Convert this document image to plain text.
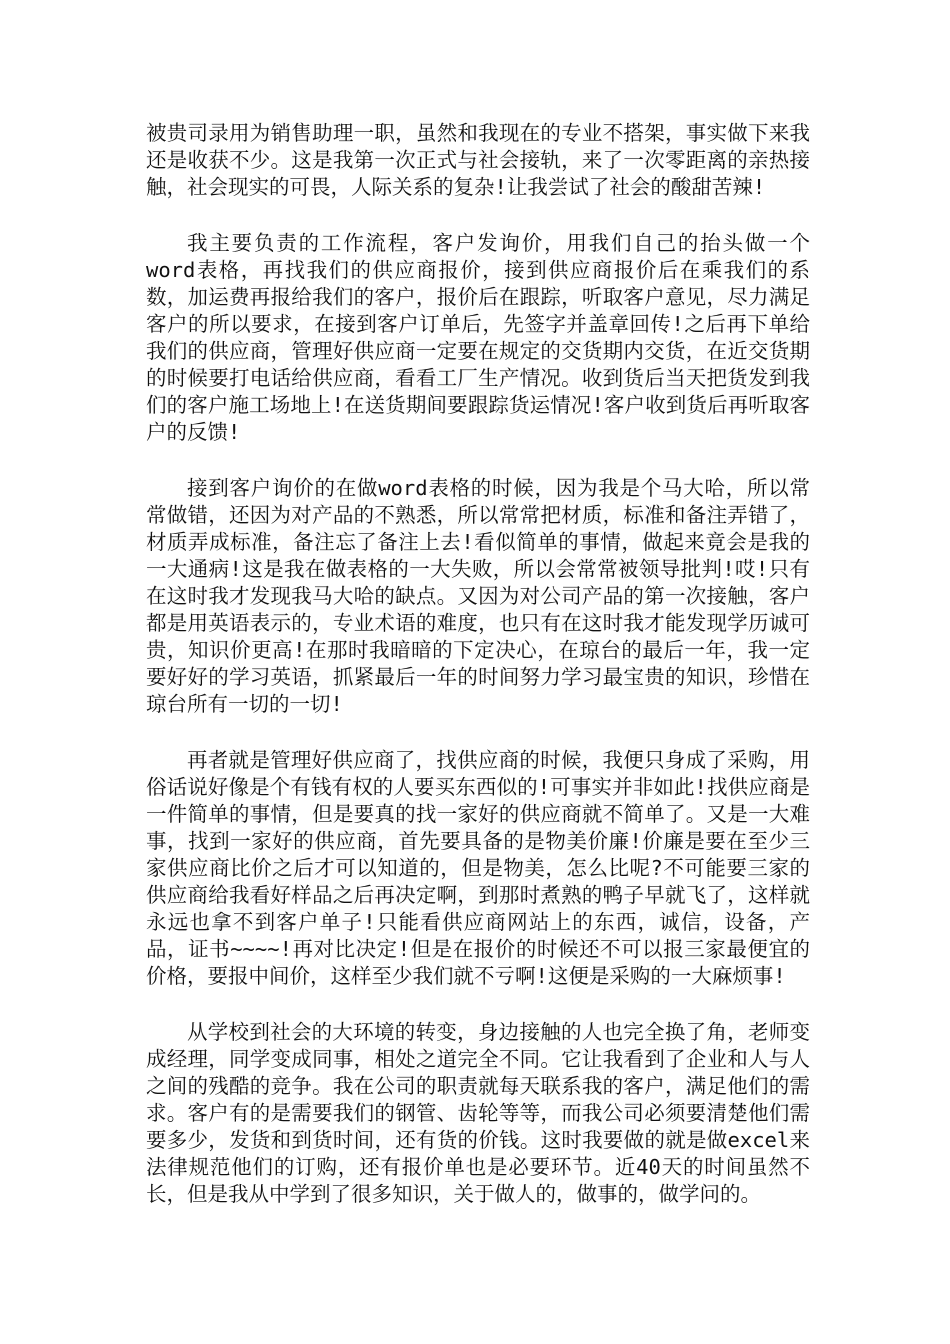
被贵司录用为销售助理一职，虽然和我现在的专业不搭架，事实做下来我还是收获不少。这是我第一次正式与社会接轨，来了一次零距离的亲热接触，社会现实的可畏，人际关系的复杂!让我尝试了社会的酸甜苦辣!

我主要负责的工作流程，客户发询价，用我们自己的抬头做一个word表格，再找我们的供应商报价，接到供应商报价后在乘我们的系数，加运费再报给我们的客户，报价后在跟踪，听取客户意见，尽力满足客户的所以要求，在接到客户订单后，先签字并盖章回传!之后再下单给我们的供应商，管理好供应商一定要在规定的交货期内交货，在近交货期的时候要打电话给供应商，看看工厂生产情况。收到货后当天把货发到我们的客户施工场地上!在送货期间要跟踪货运情况!客户收到货后再听取客户的反馈!

接到客户询价的在做word表格的时候，因为我是个马大哈，所以常常做错，还因为对产品的不熟悉，所以常常把材质，标准和备注弄错了，材质弄成标准，备注忘了备注上去!看似简单的事情，做起来竟会是我的一大通病!这是我在做表格的一大失败，所以会常常被领导批判!哎!只有在这时我才发现我马大哈的缺点。又因为对公司产品的第一次接触，客户都是用英语表示的，专业术语的难度，也只有在这时我才能发现学历诚可贵，知识价更高!在那时我暗暗的下定决心，在琼台的最后一年，我一定要好好的学习英语，抓紧最后一年的时间努力学习最宝贵的知识，珍惜在琼台所有一切的一切!

再者就是管理好供应商了，找供应商的时候，我便只身成了采购，用俗话说好像是个有钱有权的人要买东西似的!可事实并非如此!找供应商是一件简单的事情，但是要真的找一家好的供应商就不简单了。又是一大难事，找到一家好的供应商，首先要具备的是物美价廉!价廉是要在至少三家供应商比价之后才可以知道的，但是物美，怎么比呢?不可能要三家的供应商给我看好样品之后再决定啊，到那时煮熟的鸭子早就飞了，这样就永远也拿不到客户单子!只能看供应商网站上的东西，诚信，设备，产品，证书~~~~!再对比决定!但是在报价的时候还不可以报三家最便宜的价格，要报中间价，这样至少我们就不亏啊!这便是采购的一大麻烦事!

从学校到社会的大环境的转变，身边接触的人也完全换了角，老师变成经理，同学变成同事，相处之道完全不同。它让我看到了企业和人与人之间的残酷的竞争。我在公司的职责就每天联系我的客户，满足他们的需求。客户有的是需要我们的钢管、齿轮等等，而我公司必须要清楚他们需要多少，发货和到货时间，还有货的价钱。这时我要做的就是做excel来法律规范他们的订购，还有报价单也是必要环节。近40天的时间虽然不长，但是我从中学到了很多知识，关于做人的，做事的，做学问的。
